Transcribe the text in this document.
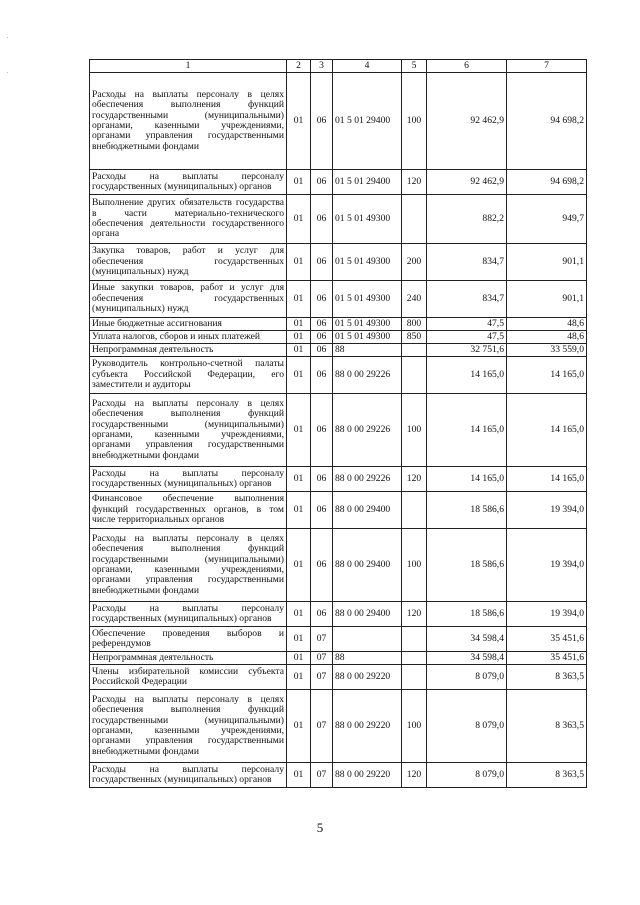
1	2	3	4	5	6	7
Расходы на выплаты персоналу в целях обеспечения выполнения функций государственными (муниципальными) органами, казенными учреждениями, органами управления государственными внебюджетными фондами	01	06	01 5 01 29400	100	92 462,9	94 698,2
Расходы на выплаты персоналу государственных (муниципальных) органов	01	06	01 5 01 29400	120	92 462,9	94 698,2
Выполнение других обязательств государства в части материально-технического обеспечения деятельности государственного органа	01	06	01 5 01 49300		882,2	949,7
Закупка товаров, работ и услуг для обеспечения государственных (муниципальных) нужд	01	06	01 5 01 49300	200	834,7	901,1
Иные закупки товаров, работ и услуг для обеспечения государственных (муниципальных) нужд	01	06	01 5 01 49300	240	834,7	901,1
Иные бюджетные ассигнования	01	06	01 5 01 49300	800	47,5	48,6
Уплата налогов, сборов и иных платежей	01	06	01 5 01 49300	850	47,5	48,6
Непрограммная деятельность	01	06	88		32 751,6	33 559,0
Руководитель контрольно-счетной палаты субъекта Российской Федерации, его заместители и аудиторы	01	06	88 0 00 29226		14 165,0	14 165,0
Расходы на выплаты персоналу в целях обеспечения выполнения функций государственными (муниципальными) органами, казенными учреждениями, органами управления государственными внебюджетными фондами	01	06	88 0 00 29226	100	14 165,0	14 165,0
Расходы на выплаты персоналу государственных (муниципальных) органов	01	06	88 0 00 29226	120	14 165,0	14 165,0
Финансовое обеспечение выполнения функций государственных органов, в том числе территориальных органов	01	06	88 0 00 29400		18 586,6	19 394,0
Расходы на выплаты персоналу в целях обеспечения выполнения функций государственными (муниципальными) органами, казенными учреждениями, органами управления государственными внебюджетными фондами	01	06	88 0 00 29400	100	18 586,6	19 394,0
Расходы на выплаты персоналу государственных (муниципальных) органов	01	06	88 0 00 29400	120	18 586,6	19 394,0
Обеспечение проведения выборов и референдумов	01	07			34 598,4	35 451,6
Непрограммная деятельность	01	07	88		34 598,4	35 451,6
Члены избирательной комиссии субъекта Российской Федерации	01	07	88 0 00 29220		8 079,0	8 363,5
Расходы на выплаты персоналу в целях обеспечения выполнения функций государственными (муниципальными) органами, казенными учреждениями, органами управления государственными внебюджетными фондами	01	07	88 0 00 29220	100	8 079,0	8 363,5
Расходы на выплаты персоналу государственных (муниципальных) органов	01	07	88 0 00 29220	120	8 079,0	8 363,5
5
